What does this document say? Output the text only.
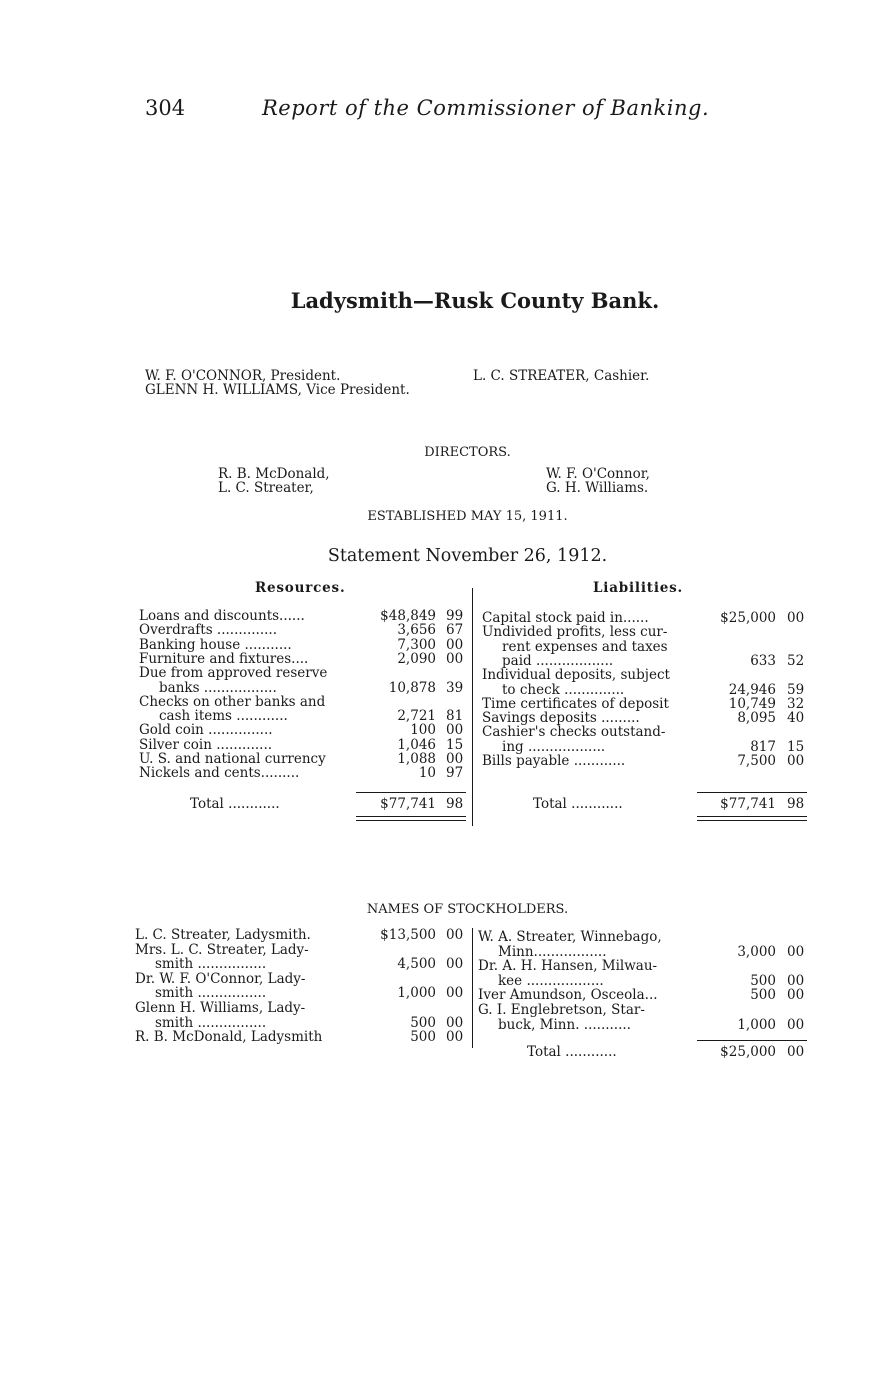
304	Report of the Commissioner of Banking.
Ladysmith—Rusk County Bank.
W. F. O'CONNOR, President.
GLENN H. WILLIAMS, Vice President.
L. C. STREATER, Cashier.
DIRECTORS.
R. B. McDonald,
L. C. Streater,
W. F. O'Connor,
G. H. Williams.
ESTABLISHED MAY 15, 1911.
Statement November 26, 1912.
Resources.	Liabilities.
Loans and discounts......	$48,849 99
Overdrafts ..............	3,656 67
Banking house ...........	7,300 00
Furniture and fixtures....	2,090 00
Due from approved reserve
banks .................	10,878 39
Checks on other banks and
cash items ............	2,721 81
Gold coin ...............	100 00
Silver coin .............	1,046 15
U. S. and national currency	1,088 00
Nickels and cents.........	10 97
Capital stock paid in......	$25,000 00
Undivided profits, less cur-
rent expenses and taxes
paid ..................	633 52
Individual deposits, subject
to check ..............	24,946 59
Time certificates of deposit	10,749 32
Savings deposits .........	8,095 40
Cashier's checks outstand-
ing ..................	817 15
Bills payable ............	7,500 00
Total ............	$77,741 98	Total ............	$77,741 98
L. C. Streater, Ladysmith.	$13,500 00
Mrs. L. C. Streater, Lady-
smith ................	4,500 00
Dr. W. F. O'Connor, Lady-
smith ................	1,000 00
Glenn H. Williams, Lady-
smith ................	500 00
R. B. McDonald, Ladysmith	500 00
W. A. Streater, Winnebago,
Minn.................	3,000 00
Dr. A. H. Hansen, Milwau-
kee ..................	500 00
Iver Amundson, Osceola...	500 00
G. I. Englebretson, Star-
buck, Minn. ...........	1,000 00
Total ............	$25,000 00
NAMES OF STOCKHOLDERS.
